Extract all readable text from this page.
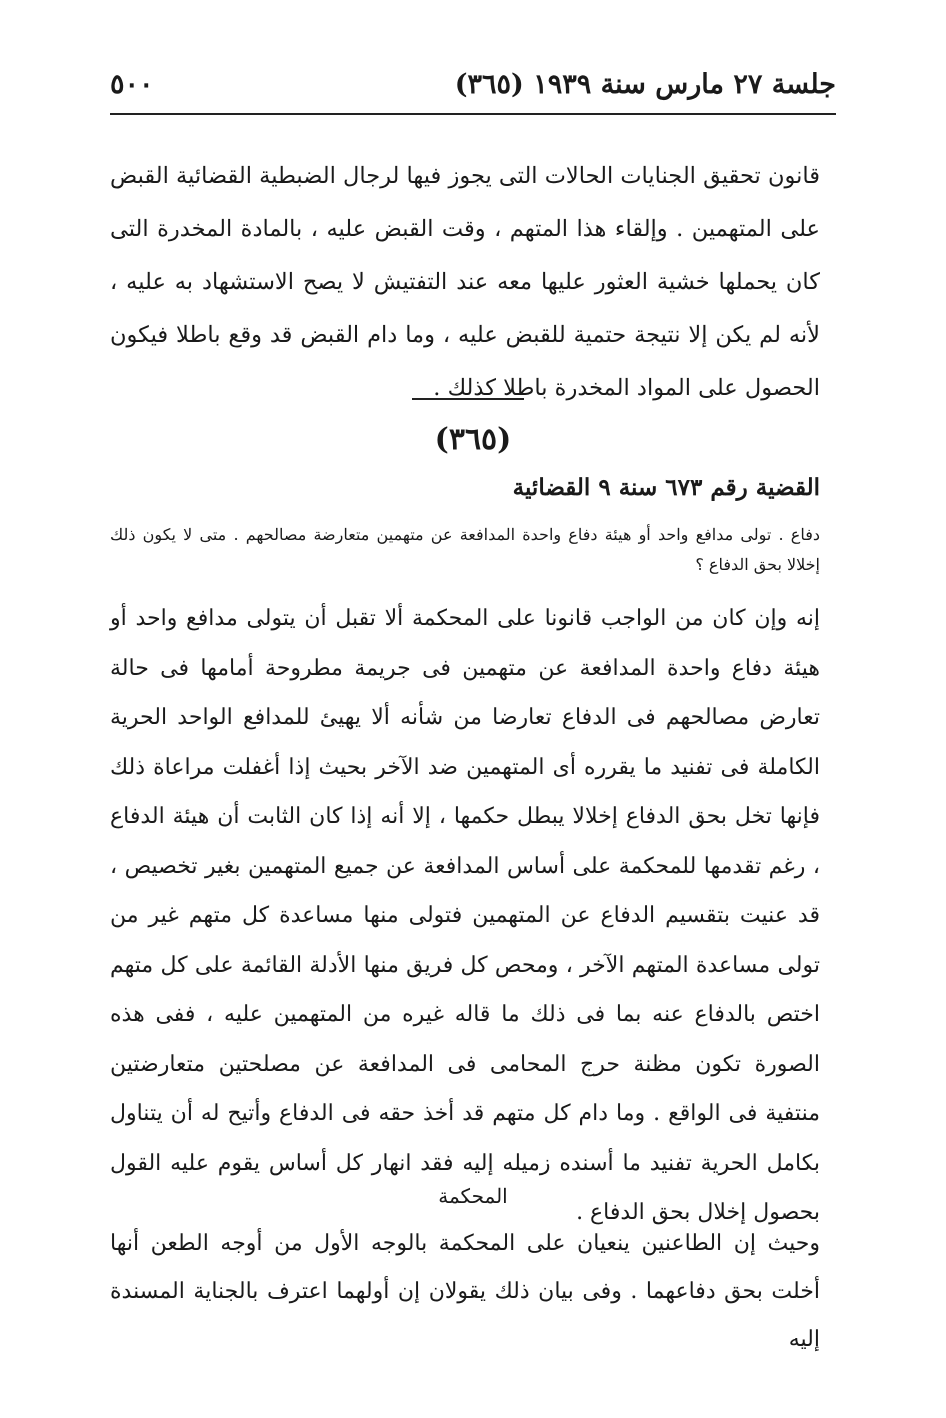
جلسة ٢٧ مارس سنة ١٩٣٩ (٣٦٥)
٥٠٠
قانون تحقيق الجنايات الحالات التى يجوز فيها لرجال الضبطية القضائية القبض على المتهمين . وإلقاء هذا المتهم ، وقت القبض عليه ، بالمادة المخدرة التى كان يحملها خشية العثور عليها معه عند التفتيش لا يصح الاستشهاد به عليه ، لأنه لم يكن إلا نتيجة حتمية للقبض عليه ، وما دام القبض قد وقع باطلا فيكون الحصول على المواد المخدرة باطلا كذلك .
(٣٦٥)
القضية رقم ٦٧٣ سنة ٩ القضائية
دفاع . تولى مدافع واحد أو هيئة دفاع واحدة المدافعة عن متهمين متعارضة مصالحهم . متى لا يكون ذلك إخلالا بحق الدفاع ؟
إنه وإن كان من الواجب قانونا على المحكمة ألا تقبل أن يتولى مدافع واحد أو هيئة دفاع واحدة المدافعة عن متهمين فى جريمة مطروحة أمامها فى حالة تعارض مصالحهم فى الدفاع تعارضا من شأنه ألا يهيئ للمدافع الواحد الحرية الكاملة فى تفنيد ما يقرره أى المتهمين ضد الآخر بحيث إذا أغفلت مراعاة ذلك فإنها تخل بحق الدفاع إخلالا يبطل حكمها ، إلا أنه إذا كان الثابت أن هيئة الدفاع ، رغم تقدمها للمحكمة على أساس المدافعة عن جميع المتهمين بغير تخصيص ، قد عنيت بتقسيم الدفاع عن المتهمين فتولى منها مساعدة كل متهم غير من تولى مساعدة المتهم الآخر ، ومحص كل فريق منها الأدلة القائمة على كل متهم اختص بالدفاع عنه بما فى ذلك ما قاله غيره من المتهمين عليه ، ففى هذه الصورة تكون مظنة حرج المحامى فى المدافعة عن مصلحتين متعارضتين منتفية فى الواقع . وما دام كل متهم قد أخذ حقه فى الدفاع وأتيح له أن يتناول بكامل الحرية تفنيد ما أسنده زميله إليه فقد انهار كل أساس يقوم عليه القول بحصول إخلال بحق الدفاع .
المحكمة
وحيث إن الطاعنين ينعيان على المحكمة بالوجه الأول من أوجه الطعن أنها أخلت بحق دفاعهما . وفى بيان ذلك يقولان إن أولهما اعترف بالجناية المسندة إليه
